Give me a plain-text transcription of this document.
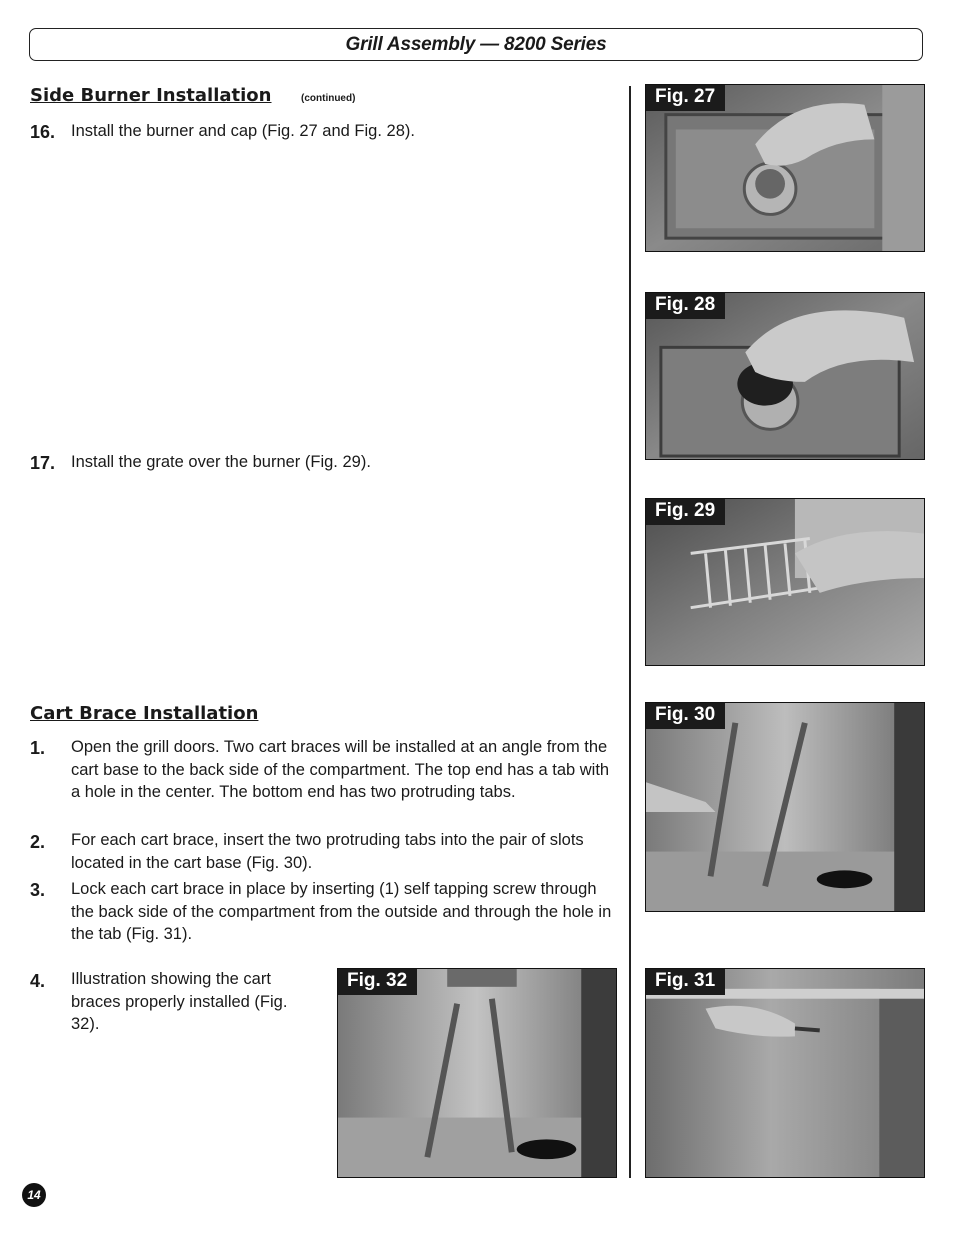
Grill Assembly — 8200 Series
Side Burner Installation	(continued)
16. Install the burner and cap (Fig. 27 and Fig. 28).
17. Install the grate over the burner (Fig. 29).
Cart Brace Installation
1. Open the grill doors. Two cart braces will be installed at an angle from the cart base to the back side of the compartment. The top end has a tab with a hole in the center. The bottom end has two protruding tabs.
2. For each cart brace, insert the two protruding tabs into the pair of slots located in the cart base (Fig. 30).
3. Lock each cart brace in place by inserting (1) self tapping screw through the back side of the compartment from the outside and through the hole in the tab (Fig. 31).
4. Illustration showing the cart braces properly installed (Fig. 32).
Fig. 27
Fig. 28
Fig. 29
Fig. 30
Fig. 31
Fig. 32
14
